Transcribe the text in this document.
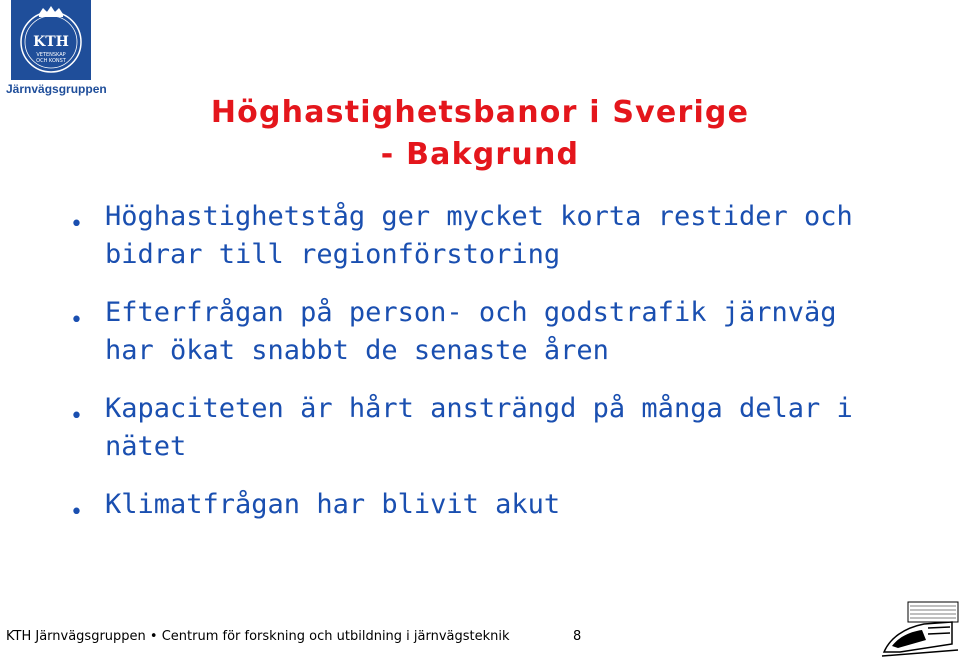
KTH
VETENSKAP
OCH KONST
Järnvägsgruppen
Höghastighetsbanor i Sverige
- Bakgrund
• Höghastighetståg ger mycket korta restider och bidrar till regionförstoring
• Efterfrågan på person- och godstrafik järnväg har ökat snabbt de senaste åren
• Kapaciteten är hårt ansträngd på många delar i nätet
• Klimatfrågan har blivit akut
KTH Järnvägsgruppen • Centrum för forskning och utbildning i järnvägsteknik	8
